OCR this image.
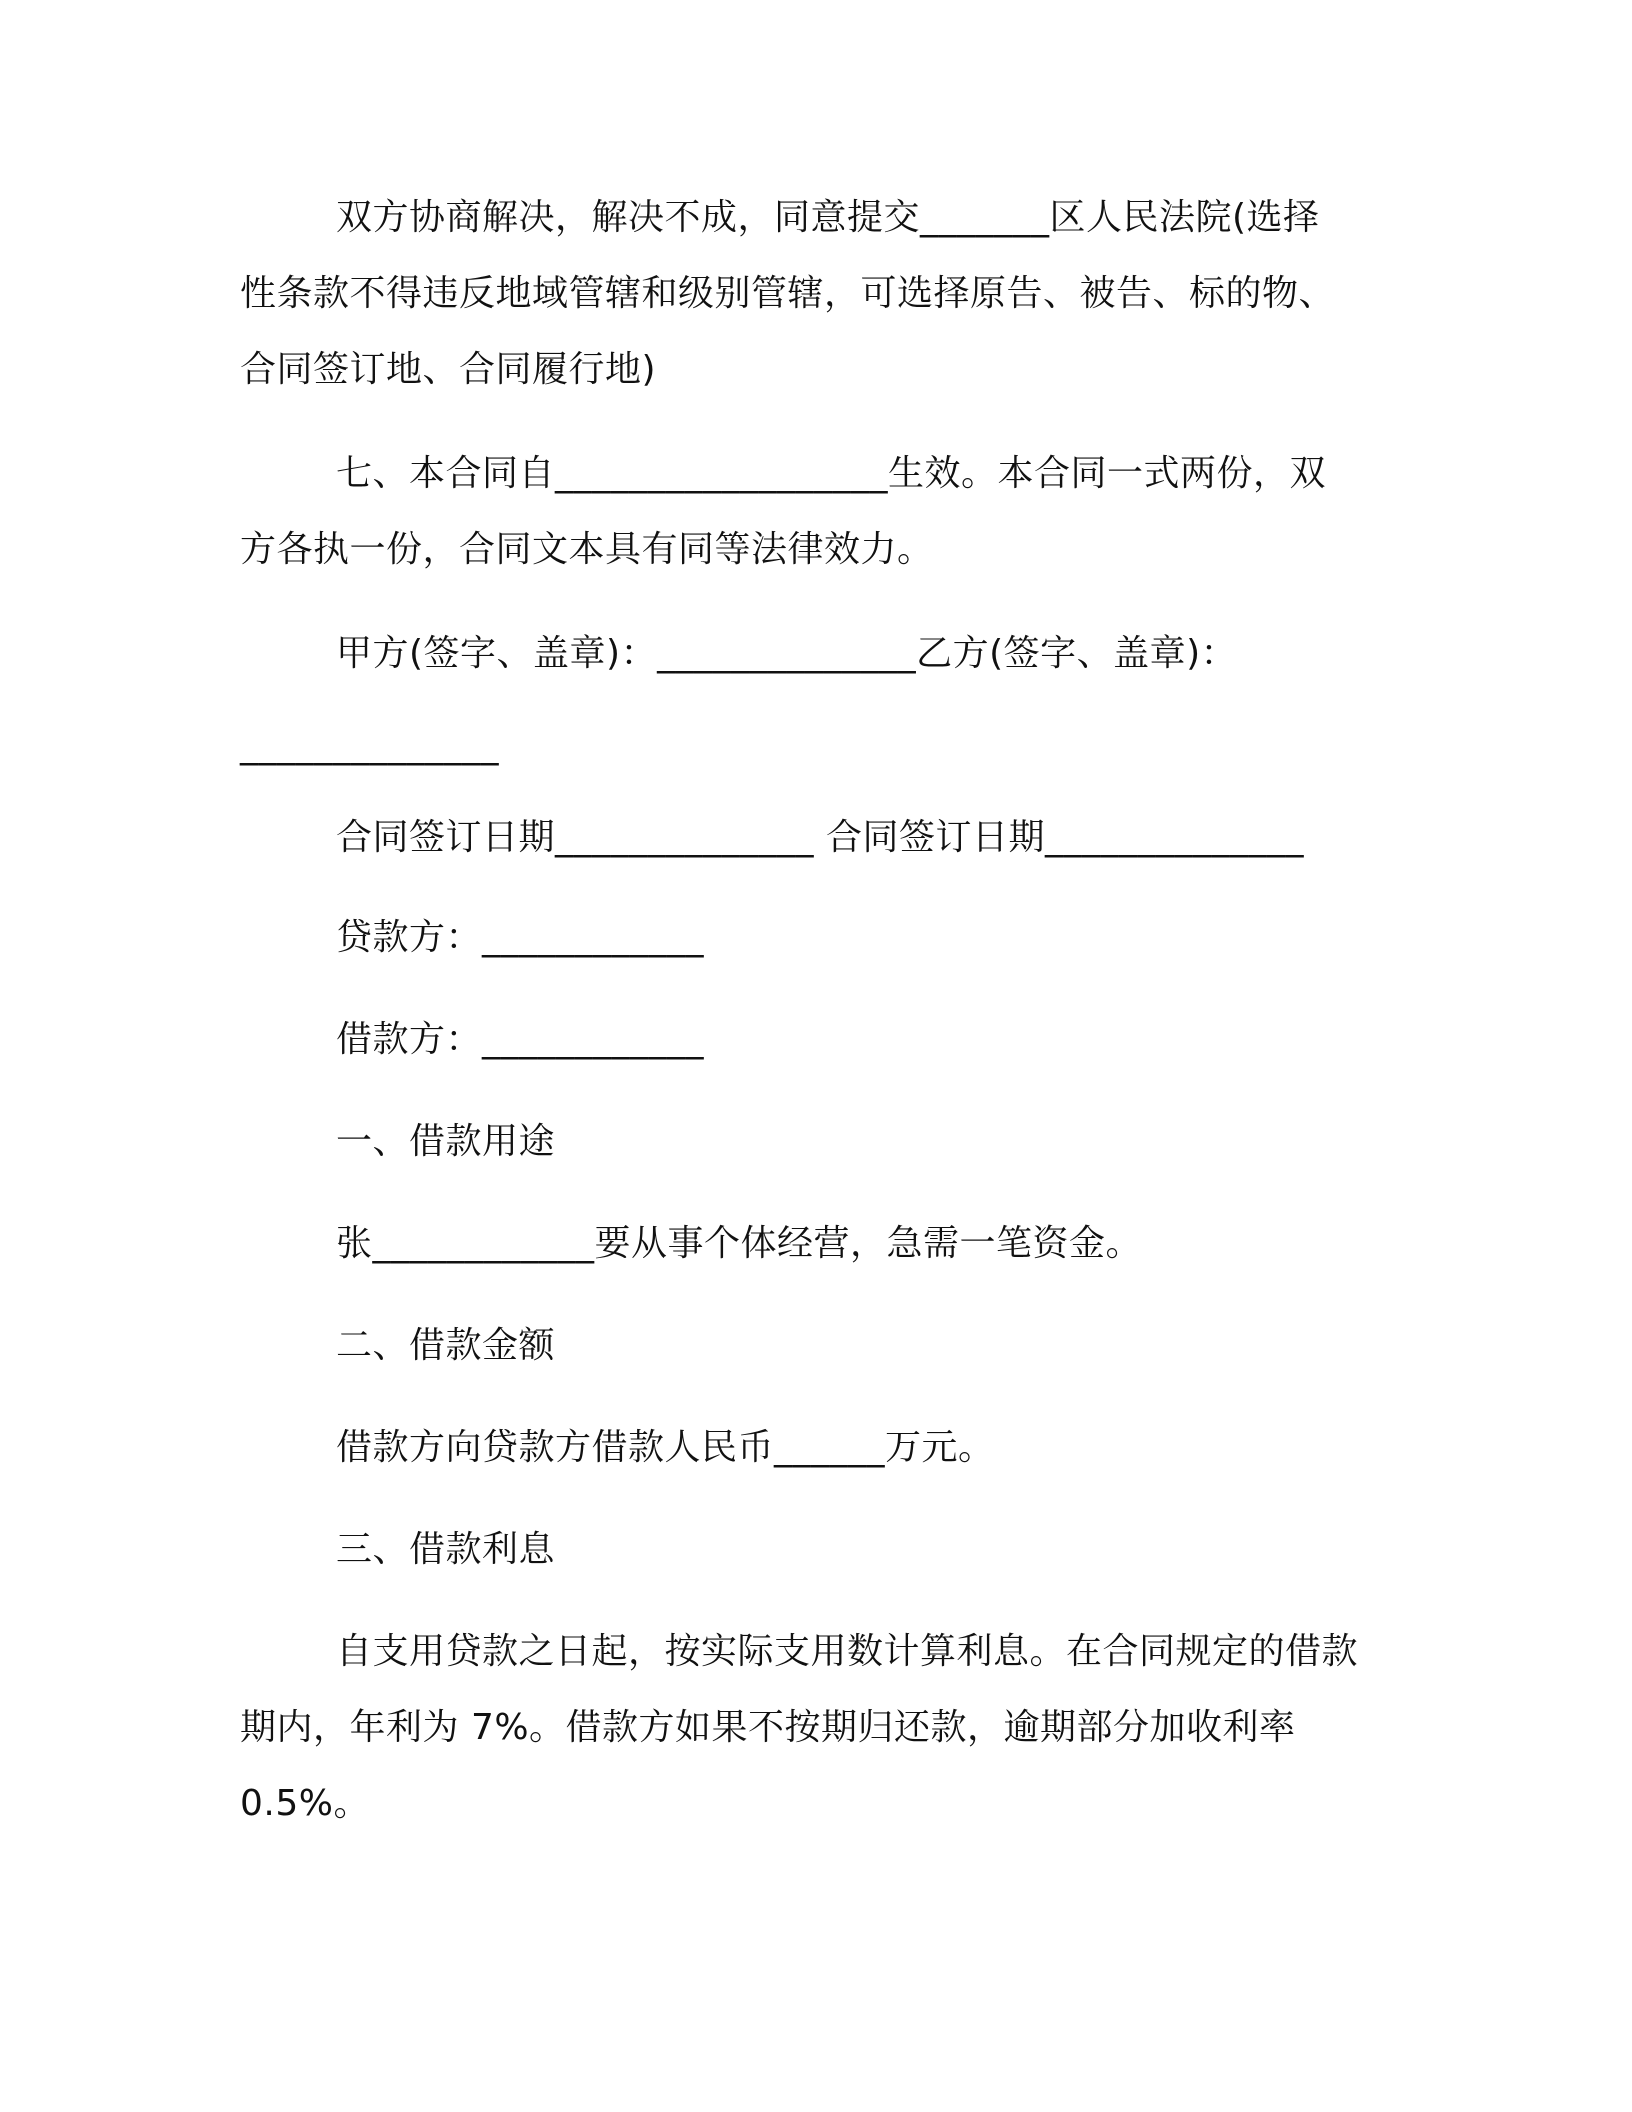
双方协商解决，解决不成，同意提交_______区人民法院(选择
性条款不得违反地域管辖和级别管辖，可选择原告、被告、标的物、
合同签订地、合同履行地)
七、本合同自__________________生效。本合同一式两份，双
方各执一份，合同文本具有同等法律效力。
甲方(签字、盖章)：______________乙方(签字、盖章)：
______________
合同签订日期______________ 合同签订日期______________
贷款方：____________
借款方：____________
一、借款用途
张____________要从事个体经营，急需一笔资金。
二、借款金额
借款方向贷款方借款人民币______万元。
三、借款利息
自支用贷款之日起，按实际支用数计算利息。在合同规定的借款
期内，年利为 7%。借款方如果不按期归还款，逾期部分加收利率
0.5%。
